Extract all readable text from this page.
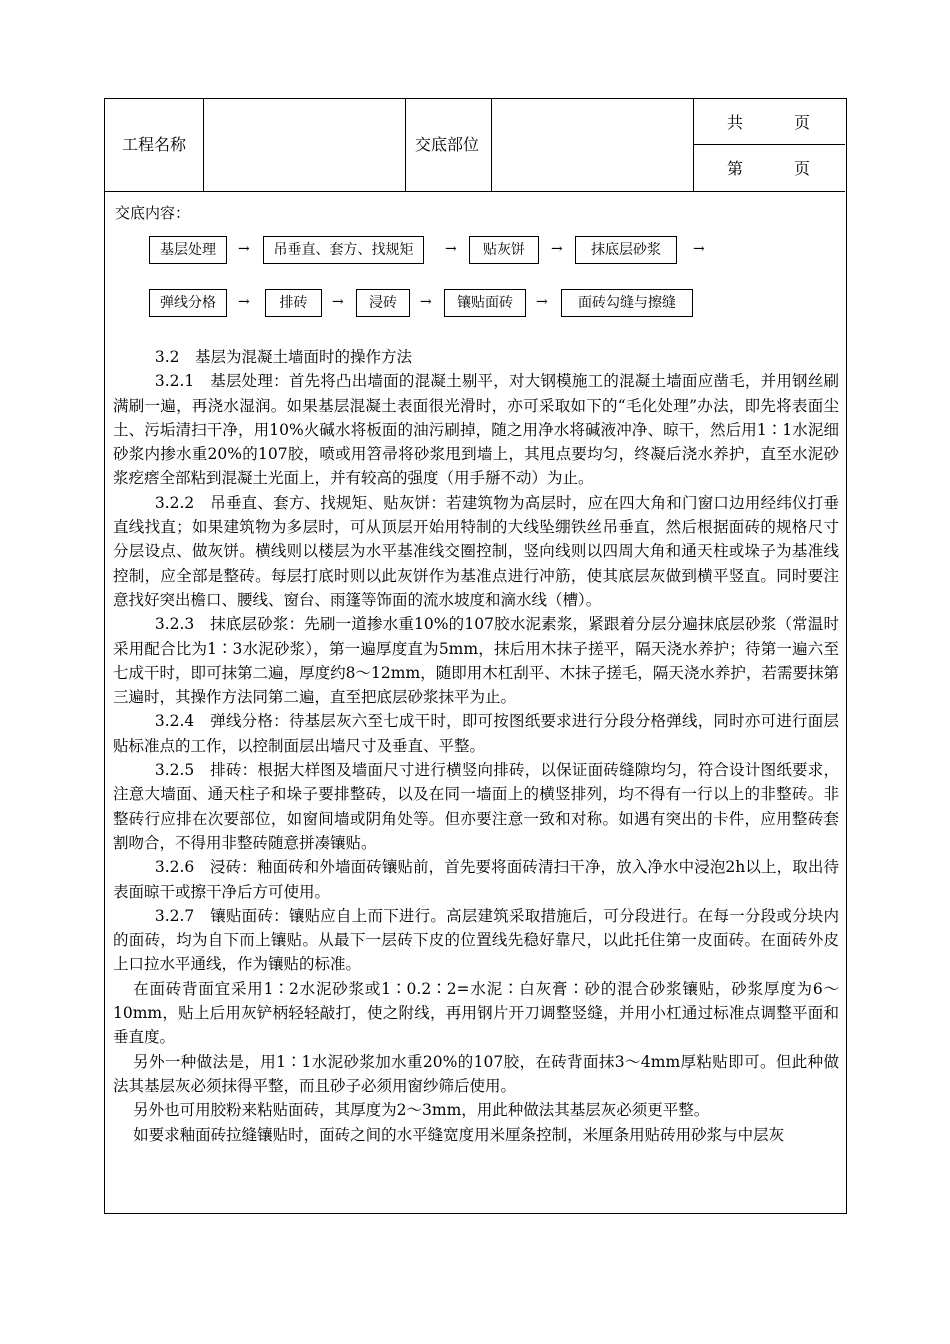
工程名称	交底部位
共	页
第	页
交底内容：
基层处理	→	吊垂直、套方、找规矩	→	贴灰饼	→	抹底层砂浆	→
弹线分格	→	排砖	→	浸砖	→	镶贴面砖	→	面砖勾缝与擦缝

3.2　基层为混凝土墙面时的操作方法

3.2.1　基层处理：首先将凸出墙面的混凝土剔平，对大钢模施工的混凝土墙面应凿毛，并用钢丝刷满刷一遍，再浇水湿润。如果基层混凝土表面很光滑时，亦可采取如下的“毛化处理”办法，即先将表面尘土、污垢清扫干净，用10%火碱水将板面的油污刷掉，随之用净水将碱液冲净、晾干，然后用1∶1水泥细砂浆内掺水重20%的107胶，喷或用笤帚将砂浆甩到墙上，其甩点要均匀，终凝后浇水养护，直至水泥砂浆疙瘩全部粘到混凝土光面上，并有较高的强度（用手掰不动）为止。

3.2.2　吊垂直、套方、找规矩、贴灰饼：若建筑物为高层时，应在四大角和门窗口边用经纬仪打垂直线找直；如果建筑物为多层时，可从顶层开始用特制的大线坠绷铁丝吊垂直，然后根据面砖的规格尺寸分层设点、做灰饼。横线则以楼层为水平基准线交圈控制，竖向线则以四周大角和通天柱或垛子为基准线控制，应全部是整砖。每层打底时则以此灰饼作为基准点进行冲筋，使其底层灰做到横平竖直。同时要注意找好突出檐口、腰线、窗台、雨篷等饰面的流水坡度和滴水线（槽）。

3.2.3　抹底层砂浆：先刷一道掺水重10%的107胶水泥素浆，紧跟着分层分遍抹底层砂浆（常温时采用配合比为1∶3水泥砂浆），第一遍厚度直为5mm，抹后用木抹子搓平，隔天浇水养护；待第一遍六至七成干时，即可抹第二遍，厚度约8～12mm，随即用木杠刮平、木抹子搓毛，隔天浇水养护，若需要抹第三遍时，其操作方法同第二遍，直至把底层砂浆抹平为止。

3.2.4　弹线分格：待基层灰六至七成干时，即可按图纸要求进行分段分格弹线，同时亦可进行面层贴标准点的工作，以控制面层出墙尺寸及垂直、平整。

3.2.5　排砖：根据大样图及墙面尺寸进行横竖向排砖，以保证面砖缝隙均匀，符合设计图纸要求，注意大墙面、通天柱子和垛子要排整砖，以及在同一墙面上的横竖排列，均不得有一行以上的非整砖。非整砖行应排在次要部位，如窗间墙或阴角处等。但亦要注意一致和对称。如遇有突出的卡件，应用整砖套割吻合，不得用非整砖随意拼凑镶贴。

3.2.6　浸砖：釉面砖和外墙面砖镶贴前，首先要将面砖清扫干净，放入净水中浸泡2h以上，取出待表面晾干或擦干净后方可使用。

3.2.7　镶贴面砖：镶贴应自上而下进行。高层建筑采取措施后，可分段进行。在每一分段或分块内的面砖，均为自下而上镶贴。从最下一层砖下皮的位置线先稳好靠尺，以此托住第一皮面砖。在面砖外皮上口拉水平通线，作为镶贴的标准。

在面砖背面宜采用1∶2水泥砂浆或1∶0.2∶2=水泥∶白灰膏∶砂的混合砂浆镶贴，砂浆厚度为6～10mm，贴上后用灰铲柄轻轻敲打，使之附线，再用钢片开刀调整竖缝，并用小杠通过标准点调整平面和垂直度。

另外一种做法是，用1∶1水泥砂浆加水重20%的107胶，在砖背面抹3～4mm厚粘贴即可。但此种做法其基层灰必须抹得平整，而且砂子必须用窗纱筛后使用。

另外也可用胶粉来粘贴面砖，其厚度为2～3mm，用此种做法其基层灰必须更平整。

如要求釉面砖拉缝镶贴时，面砖之间的水平缝宽度用米厘条控制，米厘条用贴砖用砂浆与中层灰
